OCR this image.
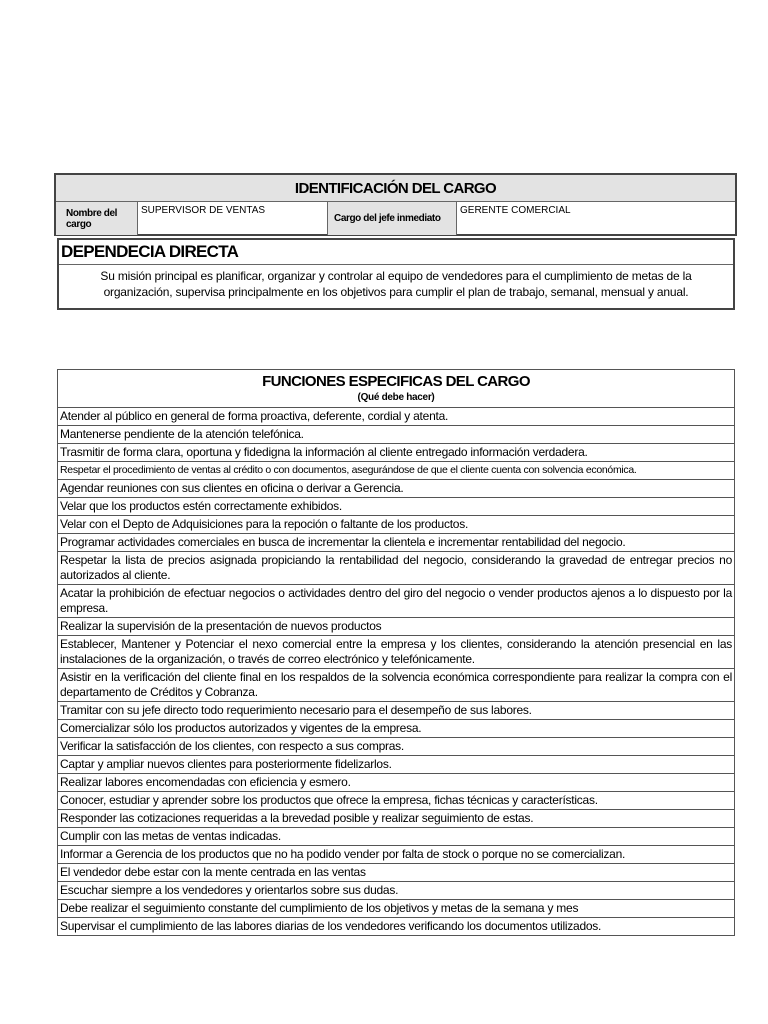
IDENTIFICACIÓN DEL CARGO
Nombre del cargo
SUPERVISOR DE VENTAS
Cargo del jefe inmediato
GERENTE COMERCIAL
DEPENDECIA DIRECTA
Su misión principal es planificar, organizar y controlar al equipo de vendedores para el cumplimiento de metas de la organización, supervisa principalmente en los objetivos para cumplir el plan de trabajo, semanal, mensual y anual.
FUNCIONES ESPECIFICAS DEL CARGO
(Qué debe hacer)
Atender al público en general de forma proactiva, deferente, cordial y atenta.
Mantenerse pendiente de la atención telefónica.
Trasmitir de forma clara, oportuna y fidedigna la información al cliente entregado información verdadera.
Respetar el procedimiento de ventas al crédito o con documentos, asegurándose de que el cliente cuenta con solvencia económica.
Agendar reuniones con sus clientes en oficina o derivar a Gerencia.
Velar que los productos estén correctamente exhibidos.
Velar con el Depto de Adquisiciones para la repoción o faltante de los productos.
Programar actividades comerciales en busca de incrementar la clientela e incrementar rentabilidad del negocio.
Respetar la lista de precios asignada propiciando la rentabilidad del negocio, considerando la gravedad de entregar precios no autorizados al cliente.
Acatar la prohibición de efectuar negocios o actividades dentro del giro del negocio o vender productos ajenos a lo dispuesto por la empresa.
Realizar la supervisión de la presentación de nuevos productos
Establecer, Mantener y Potenciar el nexo comercial entre la empresa y los clientes, considerando la atención presencial en las instalaciones de la organización, o través de correo electrónico y telefónicamente.
Asistir en la verificación del cliente final en los respaldos de la solvencia económica correspondiente para realizar la compra con el departamento de Créditos y Cobranza.
Tramitar con su jefe directo todo requerimiento necesario para el desempeño de sus labores.
Comercializar sólo los productos autorizados y vigentes de la empresa.
Verificar la satisfacción de los clientes, con respecto a sus compras.
Captar y ampliar nuevos clientes para posteriormente fidelizarlos.
Realizar labores encomendadas con eficiencia y esmero.
Conocer, estudiar y aprender sobre los productos que ofrece la empresa, fichas técnicas y características.
Responder las cotizaciones requeridas a la brevedad posible y realizar seguimiento de estas.
Cumplir con las metas de ventas indicadas.
Informar a Gerencia de los productos que no ha podido vender por falta de stock o porque no se comercializan.
El vendedor debe estar con la mente centrada en las ventas
Escuchar siempre a los vendedores y orientarlos sobre sus dudas.
Debe realizar el seguimiento constante del cumplimiento de los objetivos y metas de la semana y mes
Supervisar el cumplimiento de las labores diarias de los vendedores verificando los documentos utilizados.
